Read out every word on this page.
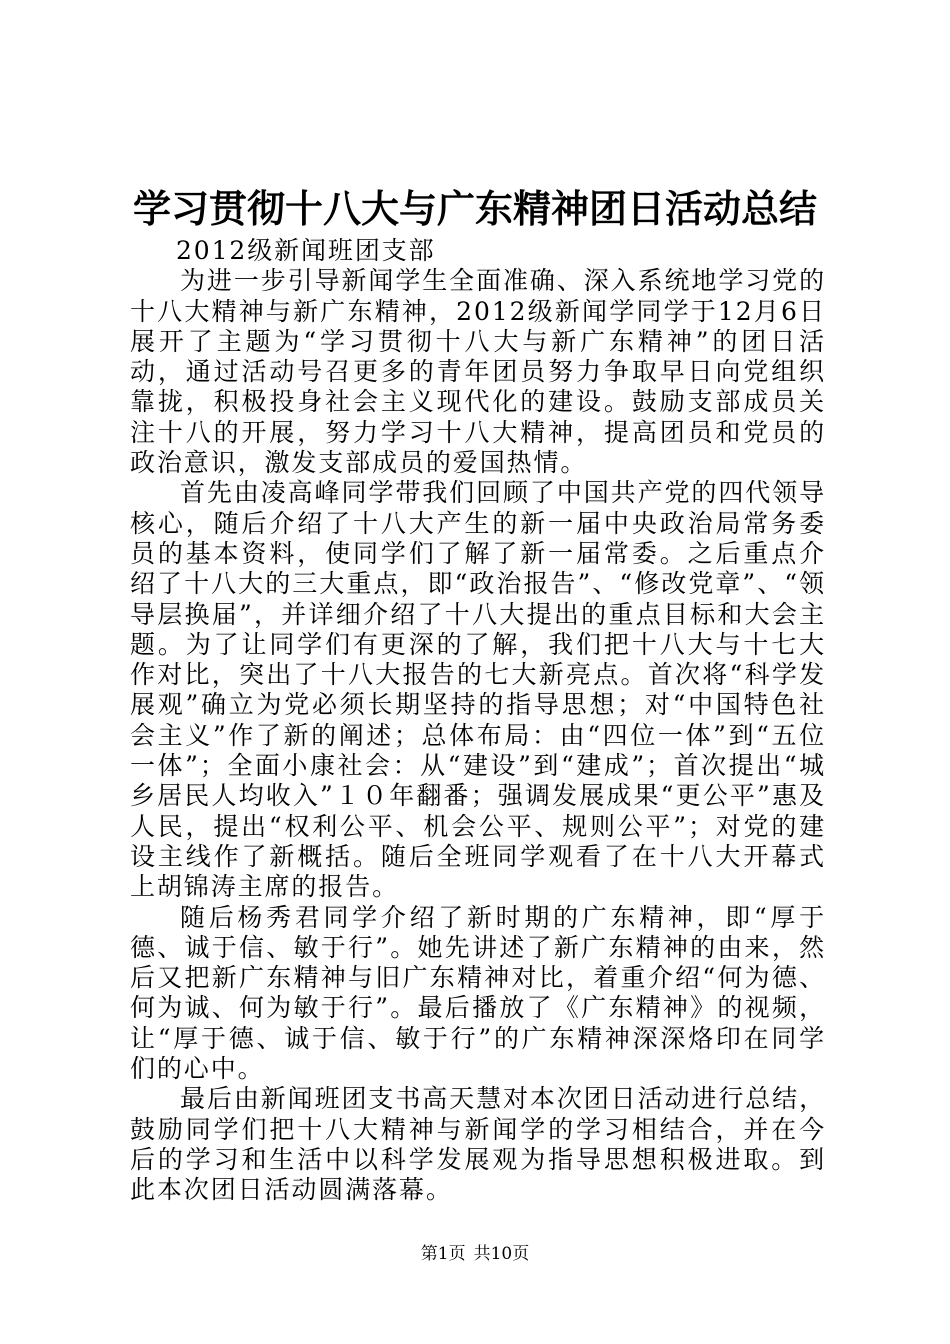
学习贯彻十八大与广东精神团日活动总结

2012级新闻班团支部

为进一步引导新闻学生全面准确、深入系统地学习党的十八大精神与新广东精神，2012级新闻学同学于12月6日展开了主题为“学习贯彻十八大与新广东精神”的团日活动，通过活动号召更多的青年团员努力争取早日向党组织靠拢，积极投身社会主义现代化的建设。鼓励支部成员关注十八的开展，努力学习十八大精神，提高团员和党员的政治意识，激发支部成员的爱国热情。

首先由凌高峰同学带我们回顾了中国共产党的四代领导核心，随后介绍了十八大产生的新一届中央政治局常务委员的基本资料，使同学们了解了新一届常委。之后重点介绍了十八大的三大重点，即“政治报告”、“修改党章”、“领导层换届”，并详细介绍了十八大提出的重点目标和大会主题。为了让同学们有更深的了解，我们把十八大与十七大作对比，突出了十八大报告的七大新亮点。首次将“科学发展观”确立为党必须长期坚持的指导思想；对“中国特色社会主义”作了新的阐述；总体布局：由“四位一体”到“五位一体”；全面小康社会：从“建设”到“建成”；首次提出“城乡居民人均收入”１０年翻番；强调发展成果“更公平”惠及人民，提出“权利公平、机会公平、规则公平”；对党的建设主线作了新概括。随后全班同学观看了在十八大开幕式上胡锦涛主席的报告。

随后杨秀君同学介绍了新时期的广东精神，即“厚于德、诚于信、敏于行”。她先讲述了新广东精神的由来，然后又把新广东精神与旧广东精神对比，着重介绍“何为德、何为诚、何为敏于行”。最后播放了《广东精神》的视频，让“厚于德、诚于信、敏于行”的广东精神深深烙印在同学们的心中。

最后由新闻班团支书高天慧对本次团日活动进行总结，鼓励同学们把十八大精神与新闻学的学习相结合，并在今后的学习和生活中以科学发展观为指导思想积极进取。到此本次团日活动圆满落幕。

第1页 共10页
